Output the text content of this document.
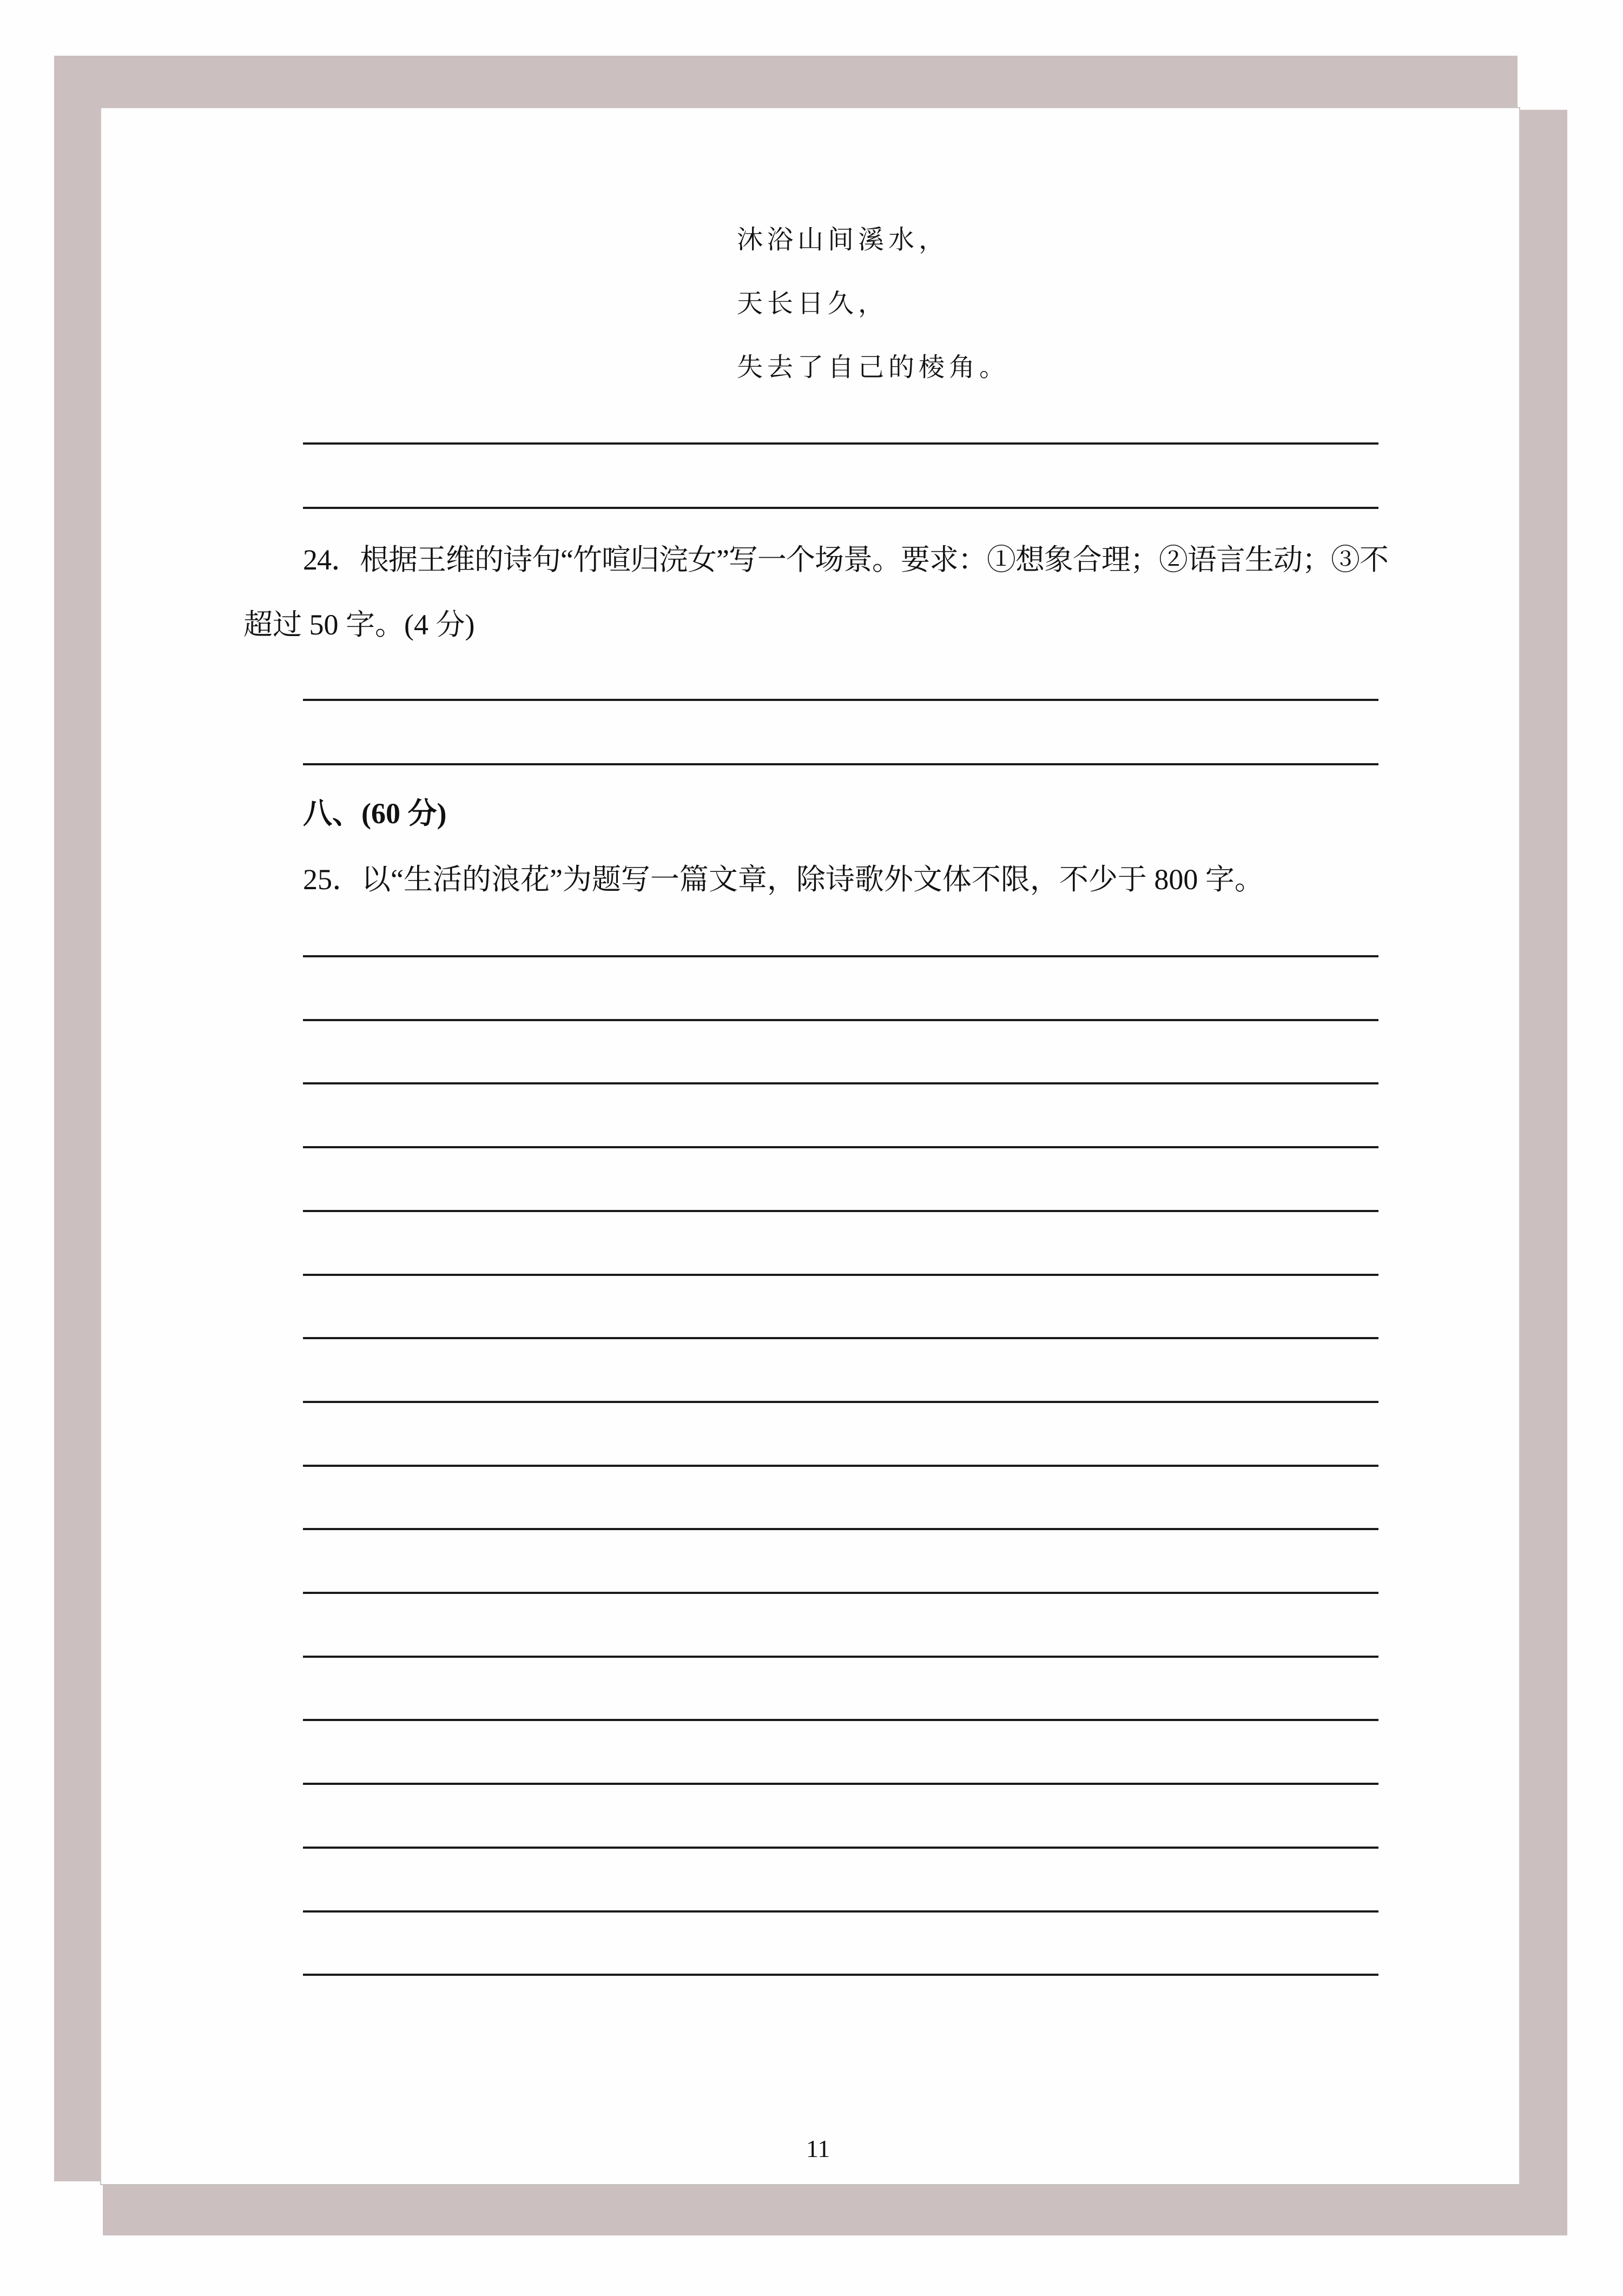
沐浴山间溪水，
天长日久，
失去了自己的棱角。
24．根据王维的诗句“竹喧归浣女”写一个场景。要求：①想象合理；②语言生动；③不
超过 50 字。(4 分)
八、(60 分)
25．以“生活的浪花”为题写一篇文章，除诗歌外文体不限，不少于 800 字。
11
